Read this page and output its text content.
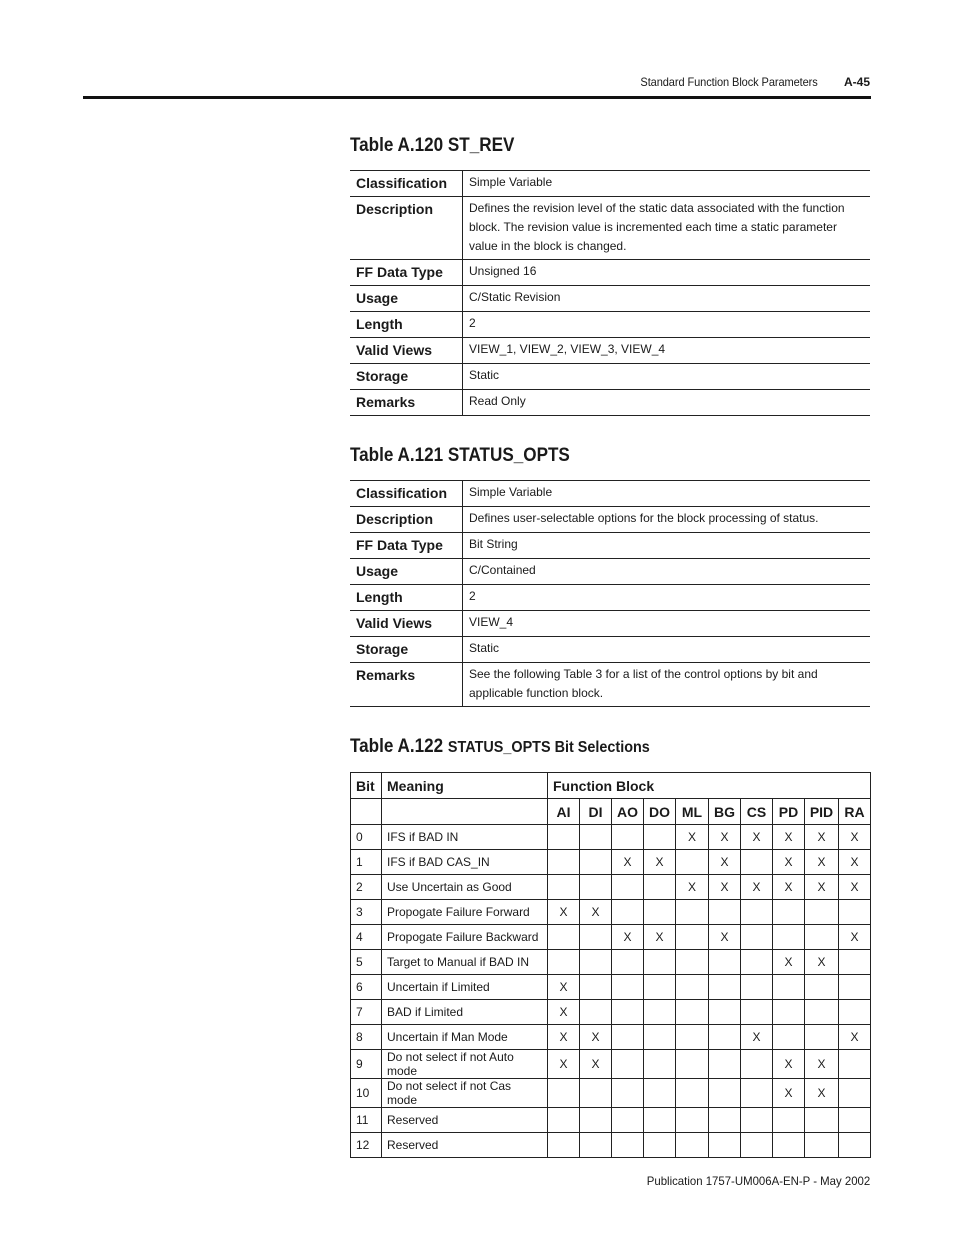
Standard Function Block Parameters A-45
Table A.120 ST_REV
Classification	Simple Variable
Description	Defines the revision level of the static data associated with the function block. The revision value is incremented each time a static parameter value in the block is changed.
FF Data Type	Unsigned 16
Usage	C/Static Revision
Length	2
Valid Views	VIEW_1, VIEW_2, VIEW_3, VIEW_4
Storage	Static
Remarks	Read Only
Table A.121 STATUS_OPTS
Classification	Simple Variable
Description	Defines user-selectable options for the block processing of status.
FF Data Type	Bit String
Usage	C/Contained
Length	2
Valid Views	VIEW_4
Storage	Static
Remarks	See the following Table 3 for a list of the control options by bit and applicable function block.
Table A.122 STATUS_OPTS Bit Selections
Bit	Meaning	Function Block									
		AI	DI	AO	DO	ML	BG	CS	PD	PID	RA
0	IFS if BAD IN					X	X	X	X	X	X
1	IFS if BAD CAS_IN			X	X		X		X	X	X
2	Use Uncertain as Good					X	X	X	X	X	X
3	Propogate Failure Forward	X	X								
4	Propogate Failure Backward			X	X		X				X
5	Target to Manual if BAD IN								X	X	
6	Uncertain if Limited	X									
7	BAD if Limited	X									
8	Uncertain if Man Mode	X	X					X			X
9	Do not select if not Auto mode	X	X						X	X	
10	Do not select if not Cas mode								X	X	
11	Reserved										
12	Reserved										
Publication 1757-UM006A-EN-P - May 2002
